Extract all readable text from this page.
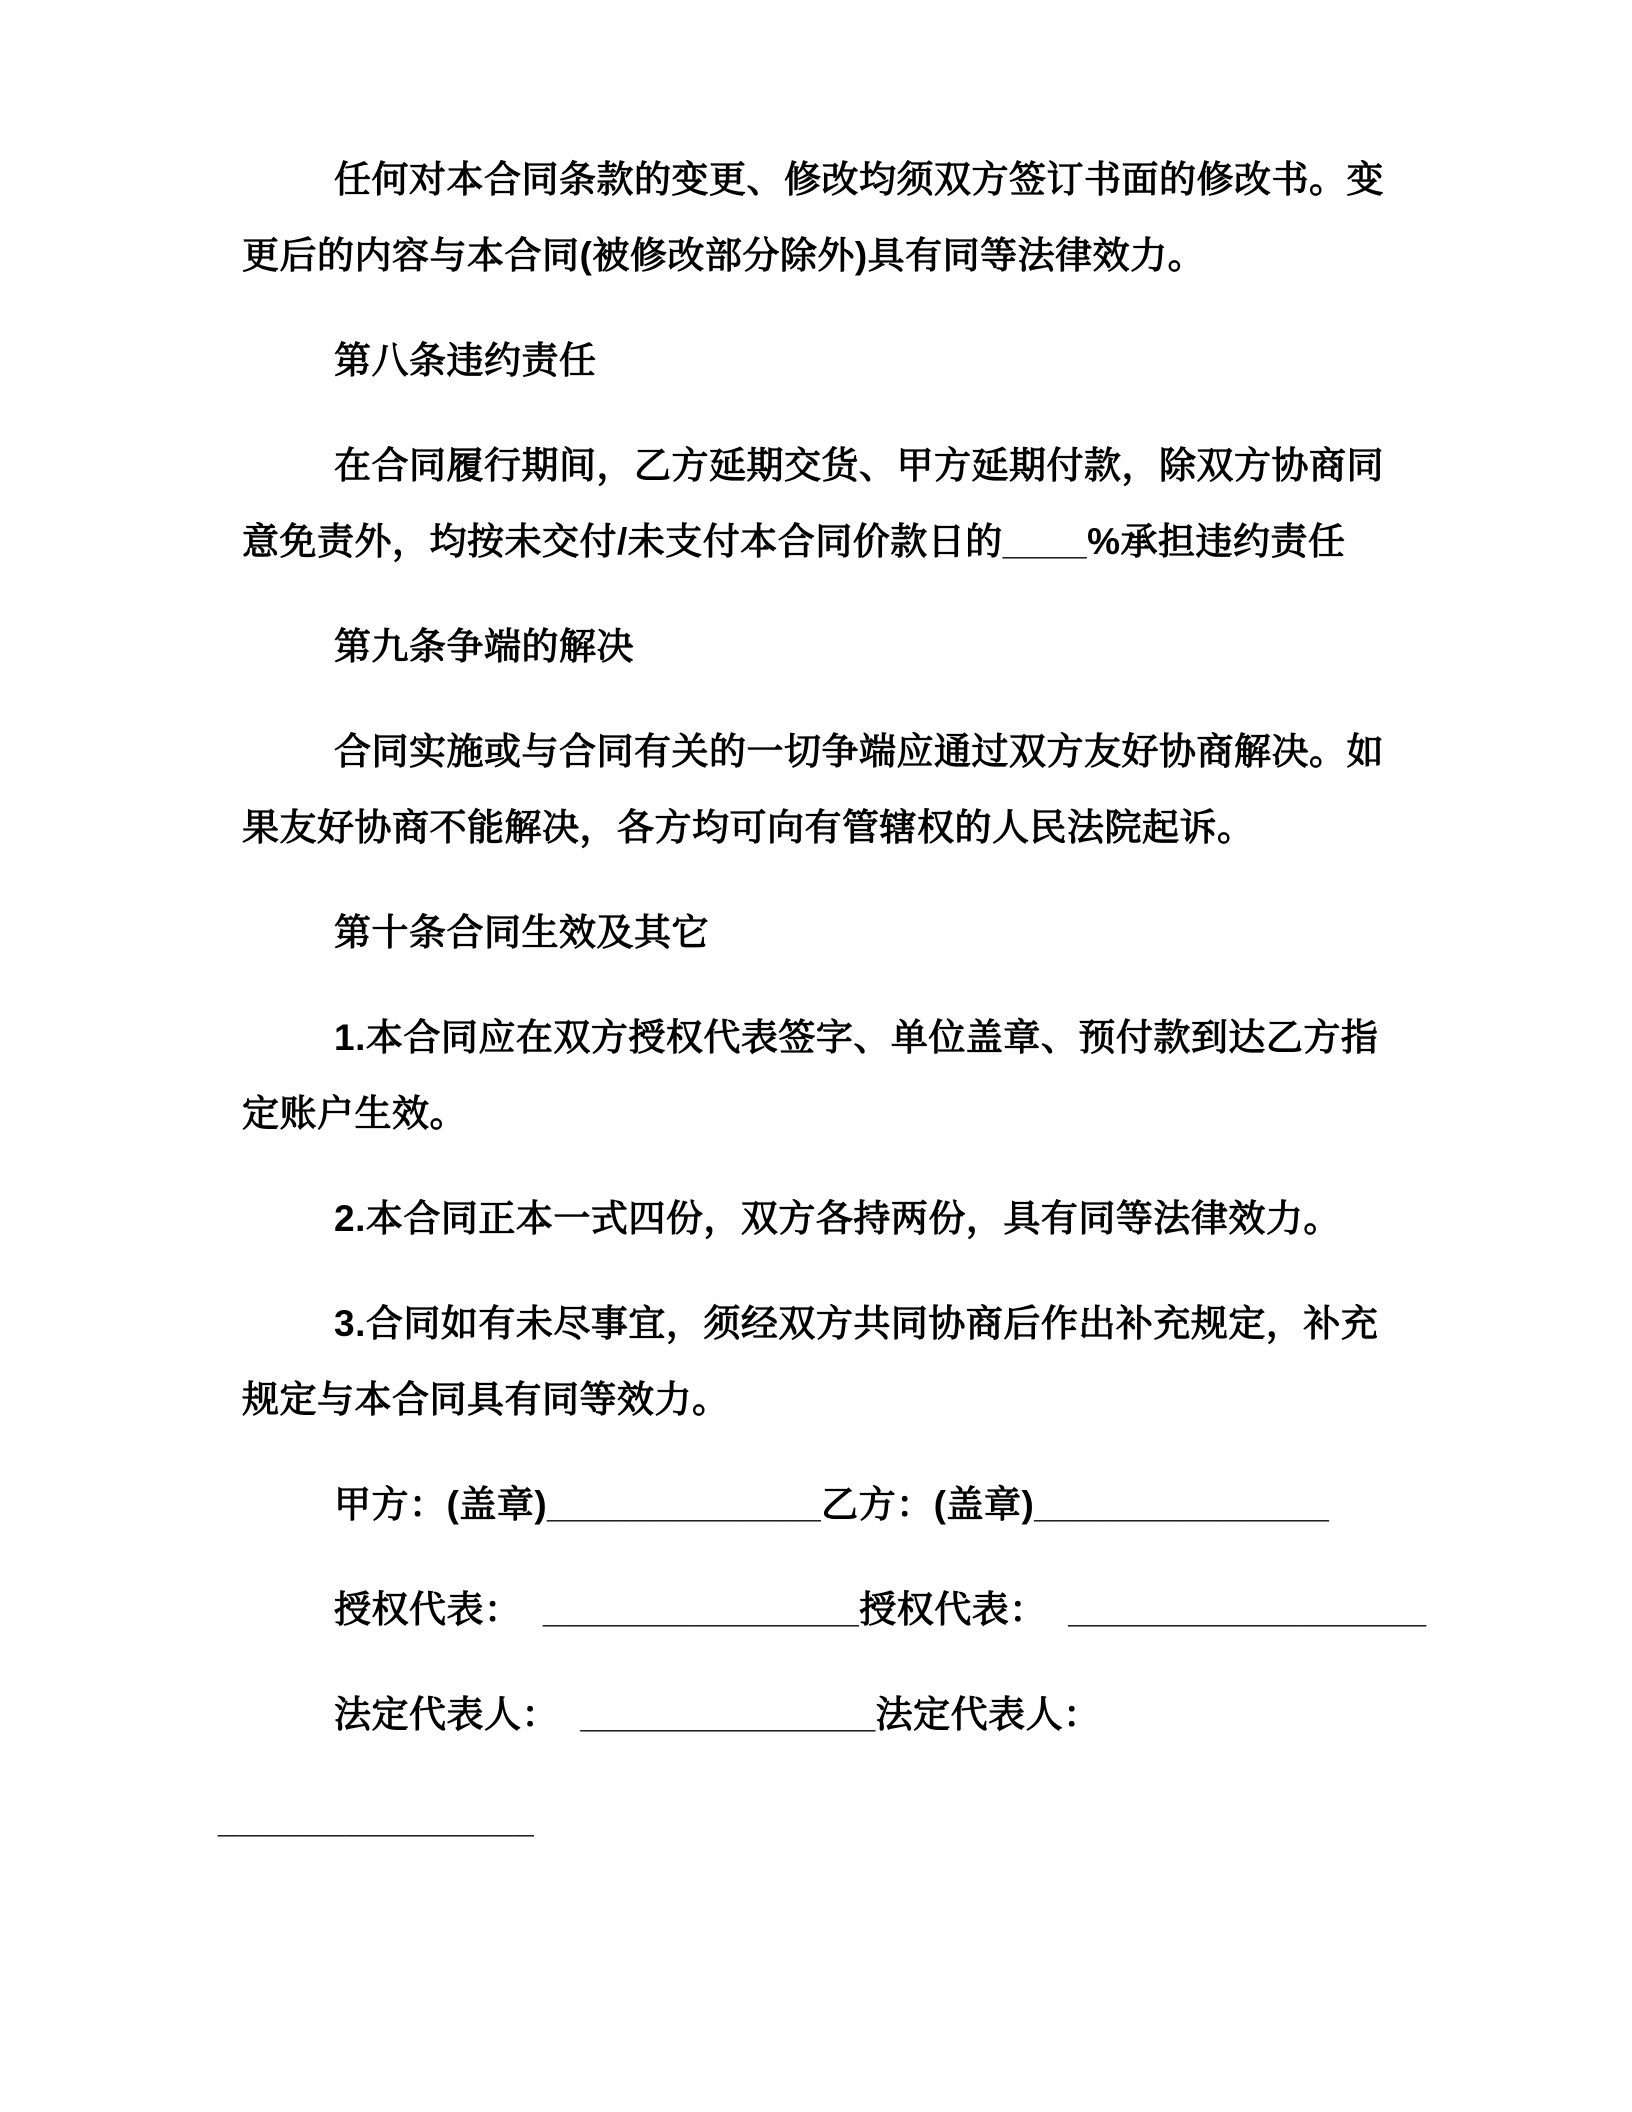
任何对本合同条款的变更、修改均须双方签订书面的修改书。变
更后的内容与本合同(被修改部分除外)具有同等法律效力。
第八条违约责任
在合同履行期间，乙方延期交货、甲方延期付款，除双方协商同
意免责外，均按未交付/未支付本合同价款日的____%承担违约责任
第九条争端的解决
合同实施或与合同有关的一切争端应通过双方友好协商解决。如
果友好协商不能解决，各方均可向有管辖权的人民法院起诉。
第十条合同生效及其它
1.本合同应在双方授权代表签字、单位盖章、预付款到达乙方指
定账户生效。
2.本合同正本一式四份，双方各持两份，具有同等法律效力。
3.合同如有未尽事宜，须经双方共同协商后作出补充规定，补充
规定与本合同具有同等效力。
甲方：(盖章)_____________乙方：(盖章)______________
授权代表：  _______________授权代表：  _________________
法定代表人：  ______________法定代表人：
_______________
